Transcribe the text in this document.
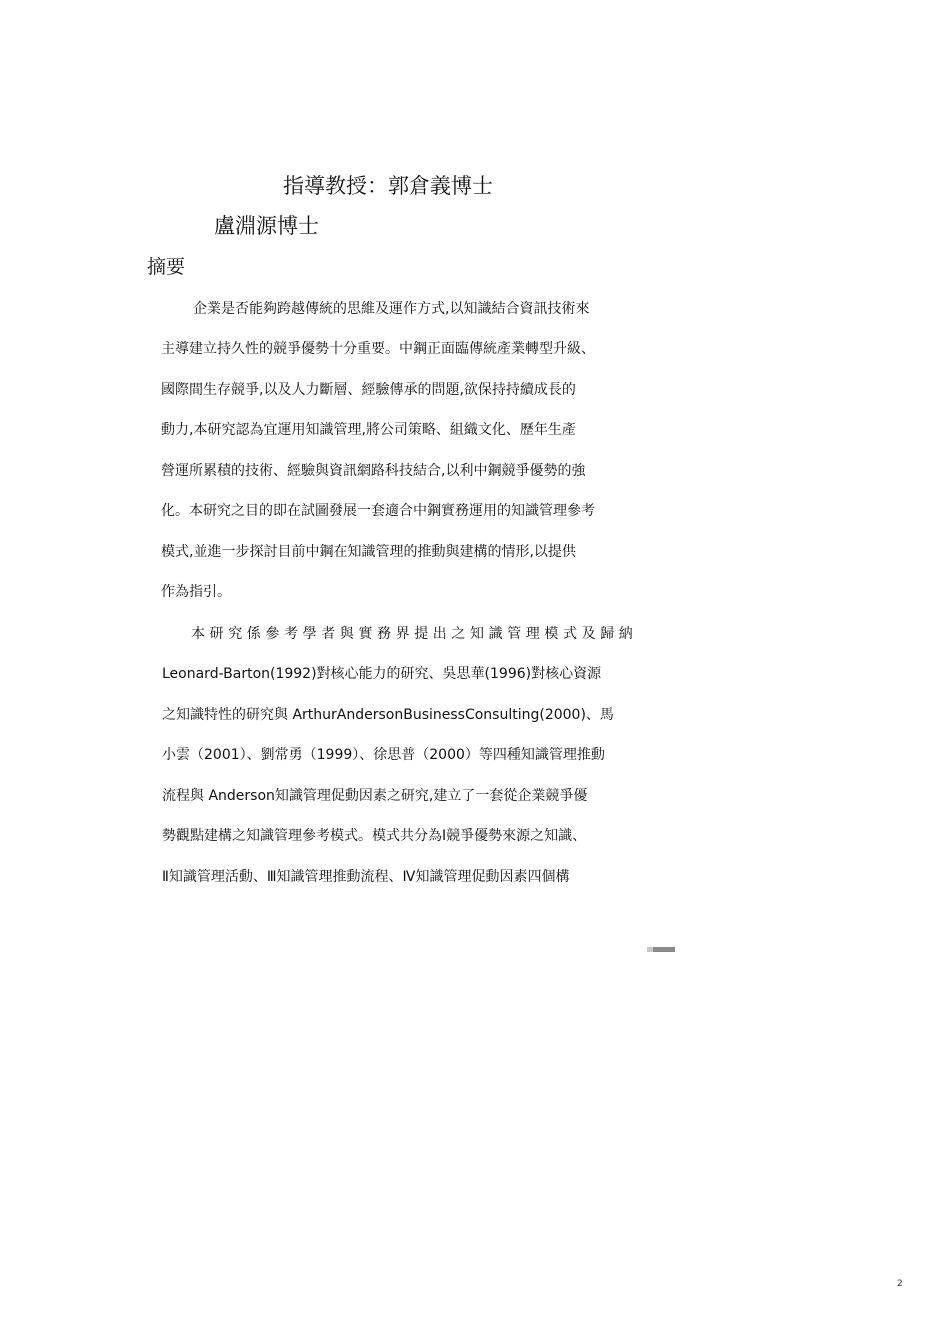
指導教授：郭倉義博士
盧淵源博士
摘要
企業是否能夠跨越傳統的思維及運作方式,以知識結合資訊技術來
主導建立持久性的競爭優勢十分重要。中鋼正面臨傳統產業轉型升級、
國際間生存競爭,以及人力斷層、經驗傳承的問題,欲保持持續成長的
動力,本研究認為宜運用知識管理,將公司策略、組織文化、歷年生產
營運所累積的技術、經驗與資訊網路科技結合,以利中鋼競爭優勢的強
化。本研究之目的即在試圖發展一套適合中鋼實務運用的知識管理參考
模式,並進一步探討目前中鋼在知識管理的推動與建構的情形,以提供
作為指引。
本研究係參考學者與實務界提出之知識管理模式及歸納
Leonard-Barton(1992)對核心能力的研究、吳思華(1996)對核心資源
之知識特性的研究與 ArthurAndersonBusinessConsulting(2000)、馬
小雲（2001）、劉常勇（1999）、徐思普（2000）等四種知識管理推動
流程與 Anderson知識管理促動因素之研究,建立了一套從企業競爭優
勢觀點建構之知識管理參考模式。模式共分為Ⅰ競爭優勢來源之知識、
Ⅱ知識管理活動、Ⅲ知識管理推動流程、Ⅳ知識管理促動因素四個構
2
